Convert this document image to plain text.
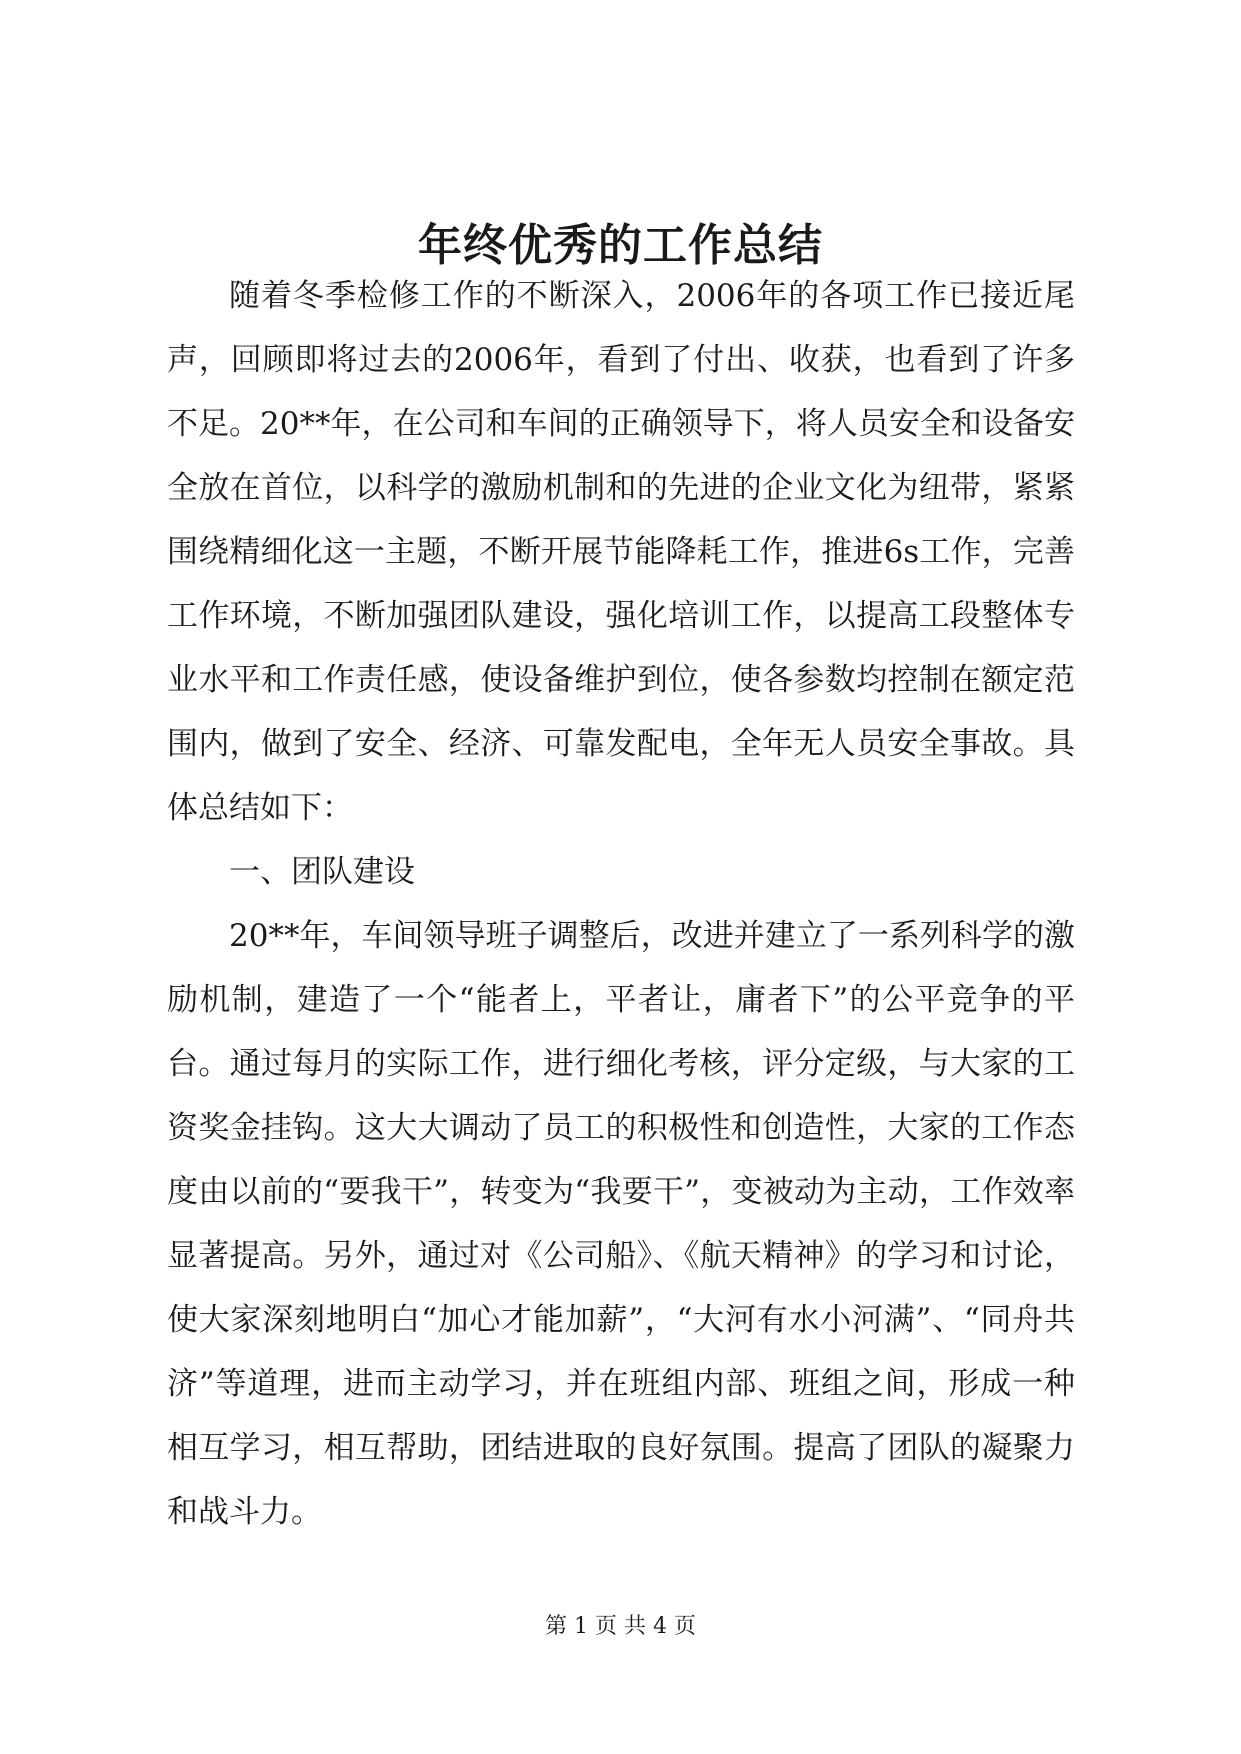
年终优秀的工作总结

随着冬季检修工作的不断深入，2006年的各项工作已接近尾声，回顾即将过去的2006年，看到了付出、收获，也看到了许多不足。20**年，在公司和车间的正确领导下，将人员安全和设备安全放在首位，以科学的激励机制和的先进的企业文化为纽带，紧紧围绕精细化这一主题，不断开展节能降耗工作，推进6s工作，完善工作环境，不断加强团队建设，强化培训工作，以提高工段整体专业水平和工作责任感，使设备维护到位，使各参数均控制在额定范围内，做到了安全、经济、可靠发配电，全年无人员安全事故。具体总结如下：

一、团队建设

20**年，车间领导班子调整后，改进并建立了一系列科学的激励机制，建造了一个“能者上，平者让，庸者下”的公平竞争的平台。通过每月的实际工作，进行细化考核，评分定级，与大家的工资奖金挂钩。这大大调动了员工的积极性和创造性，大家的工作态度由以前的“要我干”，转变为“我要干”，变被动为主动，工作效率显著提高。另外，通过对《公司船》、《航天精神》的学习和讨论，使大家深刻地明白“加心才能加薪”，“大河有水小河满”、“同舟共济”等道理，进而主动学习，并在班组内部、班组之间，形成一种相互学习，相互帮助，团结进取的良好氛围。提高了团队的凝聚力和战斗力。

第 1 页 共 4 页
